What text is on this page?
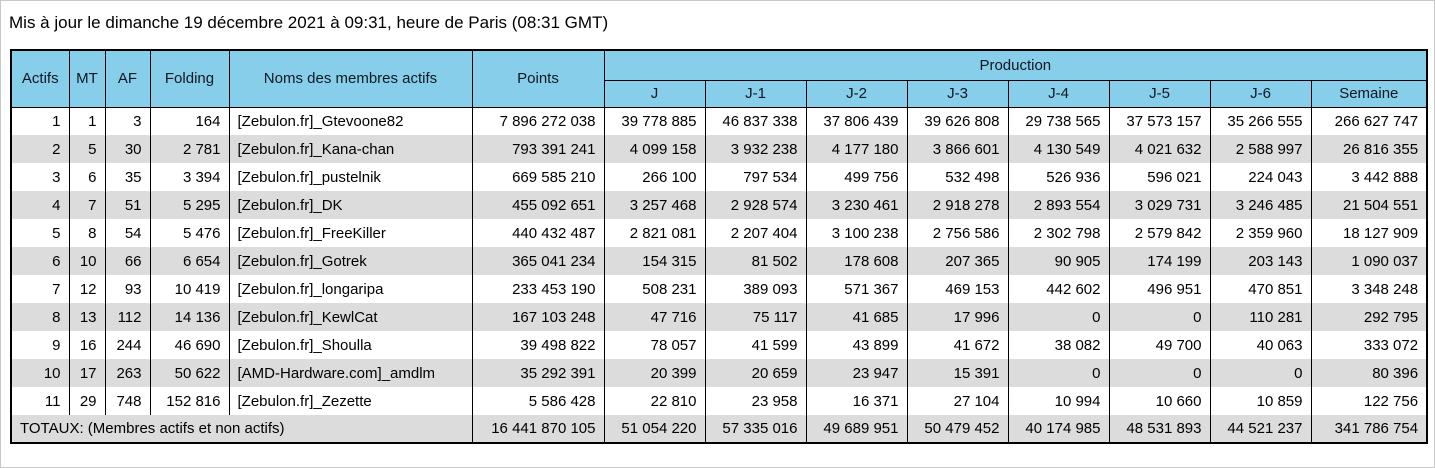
Mis à jour le dimanche 19 décembre 2021 à 09:31, heure de Paris (08:31 GMT)
Actifs	MT	AF	Folding	Noms des membres actifs	Points	Production							
						J	J-1	J-2	J-3	J-4	J-5	J-6	Semaine
1	1	3	164	[Zebulon.fr]_Gtevoone82	7 896 272 038	39 778 885	46 837 338	37 806 439	39 626 808	29 738 565	37 573 157	35 266 555	266 627 747
2	5	30	2 781	[Zebulon.fr]_Kana-chan	793 391 241	4 099 158	3 932 238	4 177 180	3 866 601	4 130 549	4 021 632	2 588 997	26 816 355
3	6	35	3 394	[Zebulon.fr]_pustelnik	669 585 210	266 100	797 534	499 756	532 498	526 936	596 021	224 043	3 442 888
4	7	51	5 295	[Zebulon.fr]_DK	455 092 651	3 257 468	2 928 574	3 230 461	2 918 278	2 893 554	3 029 731	3 246 485	21 504 551
5	8	54	5 476	[Zebulon.fr]_FreeKiller	440 432 487	2 821 081	2 207 404	3 100 238	2 756 586	2 302 798	2 579 842	2 359 960	18 127 909
6	10	66	6 654	[Zebulon.fr]_Gotrek	365 041 234	154 315	81 502	178 608	207 365	90 905	174 199	203 143	1 090 037
7	12	93	10 419	[Zebulon.fr]_longaripa	233 453 190	508 231	389 093	571 367	469 153	442 602	496 951	470 851	3 348 248
8	13	112	14 136	[Zebulon.fr]_KewlCat	167 103 248	47 716	75 117	41 685	17 996	0	0	110 281	292 795
9	16	244	46 690	[Zebulon.fr]_Shoulla	39 498 822	78 057	41 599	43 899	41 672	38 082	49 700	40 063	333 072
10	17	263	50 622	[AMD-Hardware.com]_amdlm	35 292 391	20 399	20 659	23 947	15 391	0	0	0	80 396
11	29	748	152 816	[Zebulon.fr]_Zezette	5 586 428	22 810	23 958	16 371	27 104	10 994	10 660	10 859	122 756
TOTAUX: (Membres actifs et non actifs)					16 441 870 105	51 054 220	57 335 016	49 689 951	50 479 452	40 174 985	48 531 893	44 521 237	341 786 754
